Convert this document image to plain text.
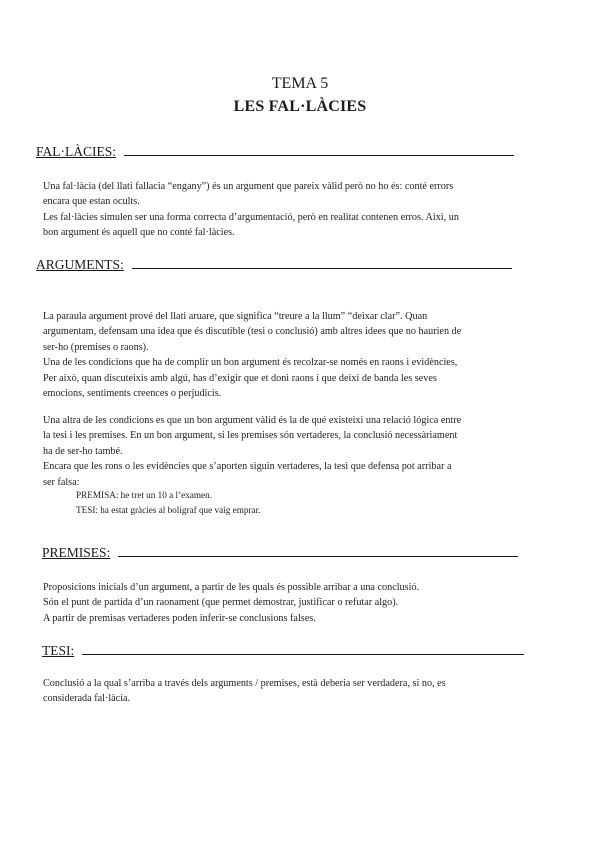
TEMA 5
LES FAL·LÀCIES
FAL·LÀCIES:

Una fal·làcia (del llati fallacia “engany”) és un argument que pareix vàlid però no ho és: conté errors

encara que estan ocults.

Les fal·làcies simulen ser una forma correcta d’argumentació, però en realitat contenen erros. Aixi, un

bon argument és aquell que no conté fal·làcies.

ARGUMENTS:

La paraula argument prové del llati aruare, que significa “treure a la llum” “deixar clar”. Quan

argumentam, defensam una idea que és discutible (tesi o conclusió) amb altres idees que no haurien de

ser-ho (premises o raons).

Una de les condicions que ha de complir un bon argument és recolzar-se només en raons i evidències,

Per això, quan discuteixis amb algú, has d’exigir que et doni raons i que deixi de banda les seves

emocions, sentiments creences o perjudicis.

Una altra de les condicions es que un bon argument vàlid és la de qué existeixi una relació lógica entre

la tesi i les premises. En un bon argument, si les premises són vertaderes, la conclusió necessàriament

ha de ser-ho també.

Encara que les rons o les evidències que s’aporten siguin vertaderes, la tesi que defensa pot arribar a

ser falsa:

PREMISA: he tret un 10 a l’examen.

TESI: ha estat gràcies al bolígraf que vaig emprar.

PREMISES:

Proposicions inicials d’un argument, a partir de les quals és possible arribar a una conclusió.

Són el punt de partida d’un raonament (que permet demostrar, justificar o refutar algo).

A partir de premisas vertaderes poden inferir-se conclusions falses.

TESI:

Conclusió a la qual s’arriba a través dels arguments / premises, està deberia ser verdadera, si no, es

considerada fal·làcia.
